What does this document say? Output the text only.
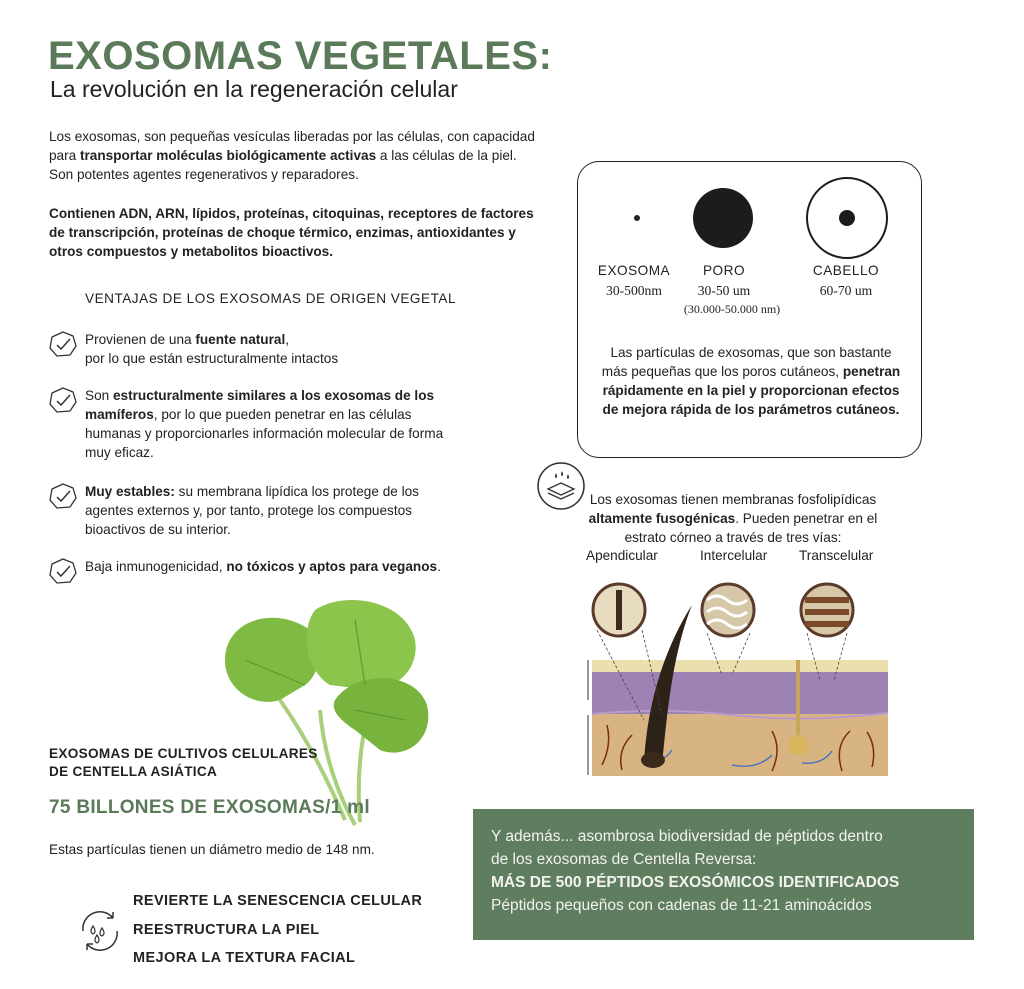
EXOSOMAS VEGETALES:
La revolución en la regeneración celular
Los exosomas, son pequeñas vesículas liberadas por las células, con capacidad para transportar moléculas biológicamente activas a las células de la piel. Son potentes agentes regenerativos y reparadores.
Contienen ADN, ARN, lípidos, proteínas, citoquinas, receptores de factores de transcripción, proteínas de choque térmico, enzimas, antioxidantes y otros compuestos y metabolitos bioactivos.
VENTAJAS DE LOS EXOSOMAS DE ORIGEN VEGETAL
Provienen de una fuente natural,
por lo que están estructuralmente intactos
Son estructuralmente similares a los exosomas de los mamíferos, por lo que pueden penetrar en las células humanas y proporcionarles información molecular de forma muy eficaz.
Muy estables: su membrana lipídica los protege de los agentes externos y, por tanto, protege los compuestos bioactivos de su interior.
Baja inmunogenicidad, no tóxicos y aptos para veganos.
EXOSOMA
30-500nm
PORO
30-50 um
(30.000-50.000 nm)
CABELLO
60-70 um
Las partículas de exosomas, que son bastante más pequeñas que los poros cutáneos, penetran rápidamente en la piel y proporcionan efectos de mejora rápida de los parámetros cutáneos.
Los exosomas tienen membranas fosfolipídicas altamente fusogénicas. Pueden penetrar en el estrato córneo a través de tres vías:
Apendicular	Intercelular Transcelular
EXOSOMAS DE CULTIVOS CELULARES
DE CENTELLA ASIÁTICA
75 BILLONES DE EXOSOMAS/1 ml
Estas partículas tienen un diámetro medio de 148 nm.
REVIERTE LA SENESCENCIA CELULAR
REESTRUCTURA LA PIEL
MEJORA LA TEXTURA FACIAL
Y además... asombrosa biodiversidad de péptidos dentro
de los exosomas de Centella Reversa:
MÁS DE 500 PÉPTIDOS EXOSÓMICOS IDENTIFICADOS
Péptidos pequeños con cadenas de 11-21 aminoácidos
